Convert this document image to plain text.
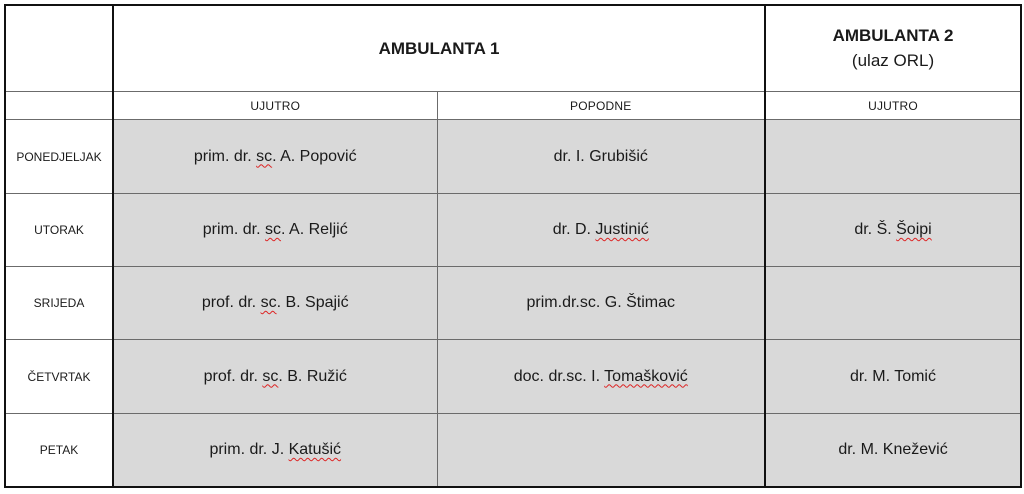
	AMBULANTA 1		AMBULANTA 2
(ulaz ORL)

	UJUTRO	POPODNE	UJUTRO
PONEDJELJAK	prim. dr. sc. A. Popović	dr. I. Grubišić	
UTORAK	prim. dr. sc. A. Reljić	dr. D. Justinić	dr. Š. Šoipi
SRIJEDA	prof. dr. sc. B. Spajić	prim.dr.sc. G. Štimac	
ČETVRTAK	prof. dr. sc. B. Ružić	doc. dr.sc. I. Tomašković	dr. M. Tomić
PETAK	prim. dr. J. Katušić		dr. M. Knežević
